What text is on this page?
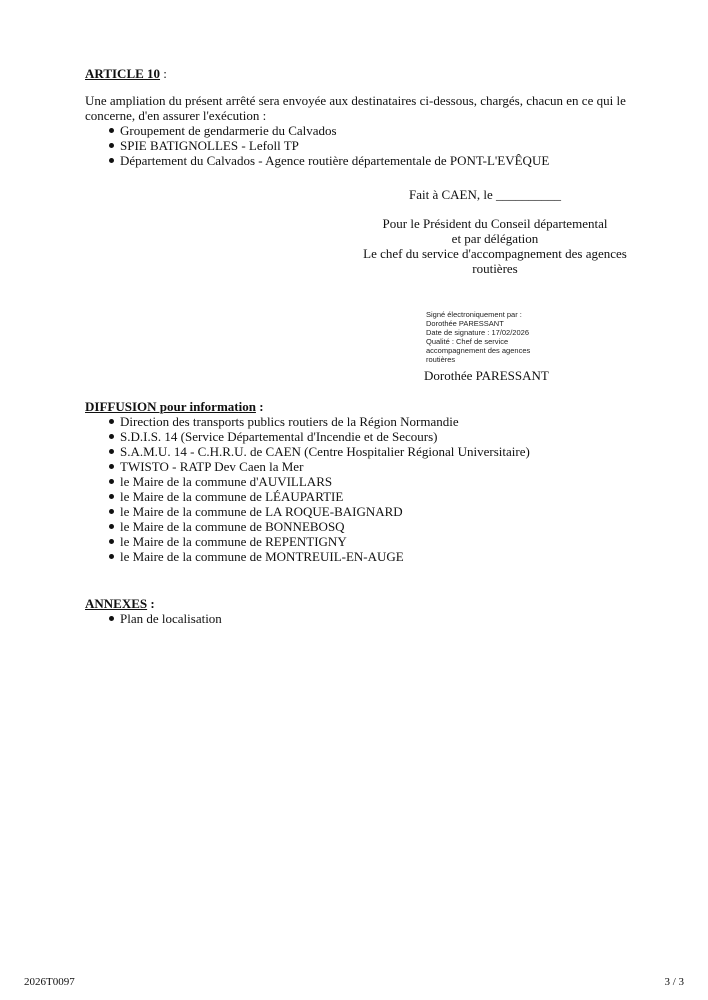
ARTICLE 10 :
Une ampliation du présent arrêté sera envoyée aux destinataires ci-dessous, chargés, chacun en ce qui le
concerne, d'en assurer l'exécution :
Groupement de gendarmerie du Calvados
SPIE BATIGNOLLES - Lefoll TP
Département du Calvados - Agence routière départementale de PONT-L'EVÊQUE
Fait à CAEN, le __________
Pour le Président du Conseil départemental
et par délégation
Le chef du service d'accompagnement des agences
routières
Signé électroniquement par :
Dorothée PARESSANT
Date de signature : 17/02/2026
Qualité : Chef de service
accompagnement des agences
routières
Dorothée PARESSANT
DIFFUSION pour information :
Direction des transports publics routiers de la Région Normandie
S.D.I.S. 14 (Service Départemental d'Incendie et de Secours)
S.A.M.U. 14 - C.H.R.U. de CAEN (Centre Hospitalier Régional Universitaire)
TWISTO - RATP Dev Caen la Mer
le Maire de la commune d'AUVILLARS
le Maire de la commune de LÉAUPARTIE
le Maire de la commune de LA ROQUE-BAIGNARD
le Maire de la commune de BONNEBOSQ
le Maire de la commune de REPENTIGNY
le Maire de la commune de MONTREUIL-EN-AUGE
ANNEXES :
Plan de localisation
2026T0097	3 / 3
